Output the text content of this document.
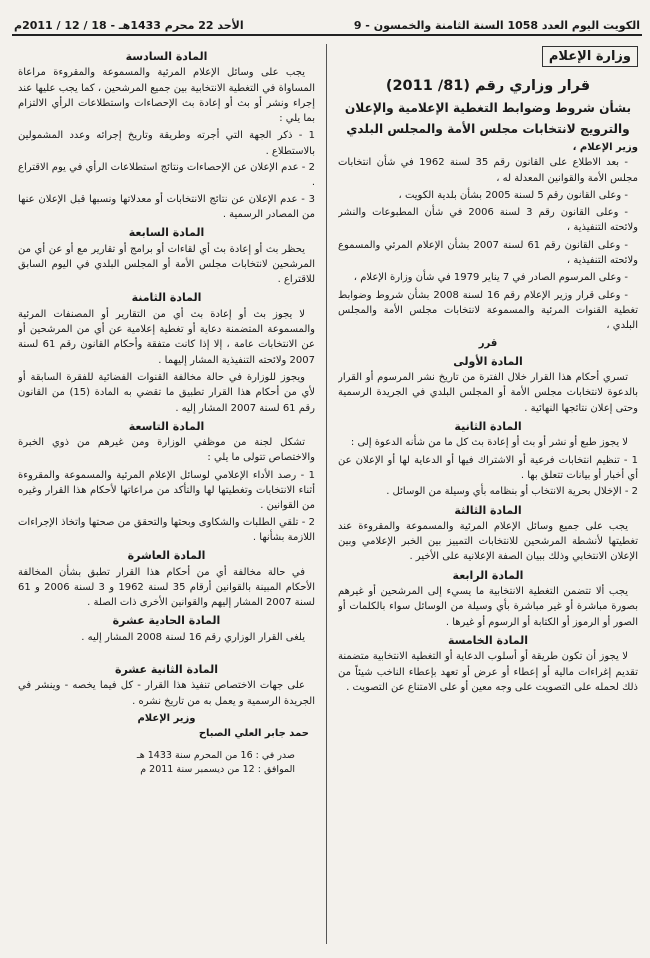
الكويت اليوم العدد 1058 السنة الثامنة والخمسون - 9
الأحد 22 محرم 1433هـ - 18 / 12 / 2011م
وزارة الإعلام
قرار وزاري رقم (81/ 2011)
بشأن شروط وضوابط التغطية الإعلامية والإعلان والترويج لانتخابات مجلس الأمة والمجلس البلدي
وزير الإعلام ،

- بعد الاطلاع على القانون رقم 35 لسنة 1962 في شأن انتخابات مجلس الأمة والقوانين المعدلة له ،

- وعلى القانون رقم 5 لسنة 2005 بشأن بلدية الكويت ،

- وعلى القانون رقم 3 لسنة 2006 في شأن المطبوعات والنشر ولائحته التنفيذية ،

- وعلى القانون رقم 61 لسنة 2007 بشأن الإعلام المرئي والمسموع ولائحته التنفيذية ،

- وعلى المرسوم الصادر في 7 يناير 1979 في شأن وزارة الإعلام ،

- وعلى قرار وزير الإعلام رقم 16 لسنة 2008 بشأن شروط وضوابط تغطية القنوات المرئية والمسموعة لانتخابات مجلس الأمة والمجلس البلدي ،

قرر
المادة الأولى

تسري أحكام هذا القرار خلال الفترة من تاريخ نشر المرسوم أو القرار بالدعوة لانتخابات مجلس الأمة أو المجلس البلدي في الجريدة الرسمية وحتى إعلان نتائجها النهائية .

المادة الثانية

لا يجوز طبع أو نشر أو بث أو إعادة بث كل ما من شأنه الدعوة إلى :

1 - تنظيم انتخابات فرعية أو الاشتراك فيها أو الدعاية لها أو الإعلان عن أي أخبار أو بيانات تتعلق بها .
2 - الإخلال بحرية الانتخاب أو بنظامه بأي وسيلة من الوسائل .
المادة الثالثة

يجب على جميع وسائل الإعلام المرئية والمسموعة والمقروءة عند تغطيتها لأنشطة المرشحين للانتخابات التمييز بين الخبر الإعلامي وبين الإعلان الانتخابي وذلك ببيان الصفة الإعلانية على الأخير .

المادة الرابعة

يجب ألا تتضمن التغطية الانتخابية ما يسيء إلى المرشحين أو غيرهم بصورة مباشرة أو غير مباشرة بأي وسيلة من الوسائل سواء بالكلمات أو الصور أو الرموز أو الكتابة أو الرسوم أو غيرها .

المادة الخامسة

لا يجوز أن تكون طريقة أو أسلوب الدعاية أو التغطية الانتخابية متضمنة تقديم إغراءات مالية أو إعطاء أو عرض أو تعهد بإعطاء الناخب شيئاً من ذلك لحمله على التصويت على وجه معين أو على الامتناع عن التصويت .

المادة السادسة

يجب على وسائل الإعلام المرئية والمسموعة والمقروءة مراعاة المساواة في التغطية الانتخابية بين جميع المرشحين ، كما يجب عليها عند إجراء ونشر أو بث أو إعادة بث الإحصاءات واستطلاعات الرأي الالتزام بما يلي :

1 - ذكر الجهة التي أجرته وطريقة وتاريخ إجرائه وعدد المشمولين بالاستطلاع .
2 - عدم الإعلان عن الإحصاءات ونتائج استطلاعات الرأي في يوم الاقتراع .
3 - عدم الإعلان عن نتائج الانتخابات أو معدلاتها ونسبها قبل الإعلان عنها من المصادر الرسمية .
المادة السابعة

يحظر بث أو إعادة بث أي لقاءات أو برامج أو تقارير مع أو عن أي من المرشحين لانتخابات مجلس الأمة أو المجلس البلدي في اليوم السابق للاقتراع .

المادة الثامنة

لا يجوز بث أو إعادة بث أي من التقارير أو المصنفات المرئية والمسموعة المتضمنة دعاية أو تغطية إعلامية عن أي من المرشحين أو عن الانتخابات عامة ، إلا إذا كانت متفقة وأحكام القانون رقم 61 لسنة 2007 ولائحته التنفيذية المشار إليهما .

ويجوز للوزارة في حالة مخالفة القنوات الفضائية للفقرة السابقة أو لأي من أحكام هذا القرار تطبيق ما تقضي به المادة (15) من القانون رقم 61 لسنة 2007 المشار إليه .

المادة التاسعة

تشكل لجنة من موظفي الوزارة ومن غيرهم من ذوي الخبرة والاختصاص تتولى ما يلي :

1 - رصد الأداء الإعلامي لوسائل الإعلام المرئية والمسموعة والمقروءة أثناء الانتخابات وتغطيتها لها والتأكد من مراعاتها لأحكام هذا القرار وغيره من القوانين .
2 - تلقي الطلبات والشكاوى وبحثها والتحقق من صحتها واتخاذ الإجراءات اللازمة بشأنها .
المادة العاشرة

في حالة مخالفة أي من أحكام هذا القرار تطبق بشأن المخالفة الأحكام المبينة بالقوانين أرقام 35 لسنة 1962 و 3 لسنة 2006 و 61 لسنة 2007 المشار إليهم والقوانين الأخرى ذات الصلة .

المادة الحادية عشرة

يلغى القرار الوزاري رقم 16 لسنة 2008 المشار إليه .

المادة الثانية عشرة

على جهات الاختصاص تنفيذ هذا القرار - كل فيما يخصه - وينشر في الجريدة الرسمية و يعمل به من تاريخ نشره .

وزير الإعلام
حمد جابر العلي الصباح
صدر في : 16 من المحرم سنة 1433 هـ
الموافق : 12 من ديسمبر سنة 2011 م
